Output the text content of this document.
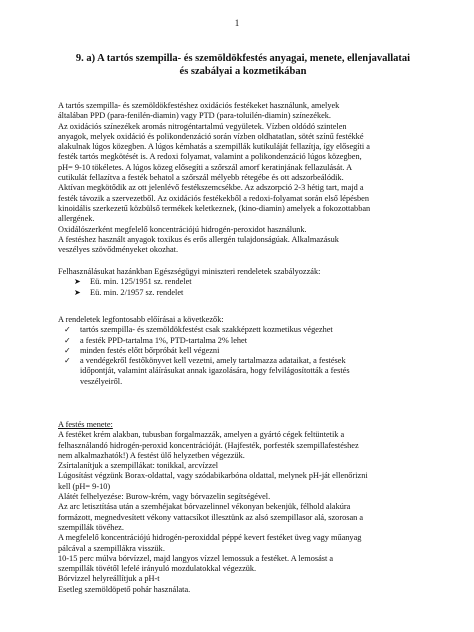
1
9. a) A tartós szempilla- és szemöldökfestés anyagai, menete, ellenjavallatai
és szabályai a kozmetikában
A tartós szempilla- és szemöldökfestéshez oxidációs festékeket használunk, amelyek
általában PPD (para-fenilén-diamin) vagy PTD (para-toluilén-diamin) színezékek.
Az oxidációs színezékek aromás nitrogéntartalmú vegyületek. Vízben oldódó szintelen
anyagok, melyek oxidáció és polikondenzáció során vízben oldhatatlan, sötét színű festékké
alakulnak lúgos közegben. A lúgos kémhatás a szempillák kutikuláját fellazítja, így elősegíti a
festék tartós megkötését is. A redoxi folyamat, valamint a polikondenzáció lúgos közegben,
pH= 9-10 tökéletes. A lúgos közeg elősegíti a szőrszál amorf keratinjának fellazulását. A
cutikulát fellazítva a festék behatol a szőrszál mélyebb rétegébe és ott adszorbeálódik.
Aktívan megkötődik az ott jelenlévő festékszemcsékbe. Az adszorpció 2-3 hétig tart, majd a
festék távozik a szervezetből. Az oxidációs festékekből a redoxi-folyamat során első lépésben
kinoidális szerkezetű közbülső termékek keletkeznek, (kino-diamin) amelyek a fokozottabban
allergének.
Oxidálószerként megfelelő koncentrációjú hidrogén-peroxidot használunk.
A festéshez használt anyagok toxikus és erős allergén tulajdonságúak. Alkalmazásuk
veszélyes szövődményeket okozhat.
Felhasználásukat hazánkban Egészségügyi miniszteri rendeletek szabályozzák:
➤	Eü. min. 125/1951 sz. rendelet
➤	Eü. min. 2/1957 sz. rendelet
A rendeletek legfontosabb előírásai a következők:
✓	tartós szempilla- és szemöldökfestést csak szakképzett kozmetikus végezhet
✓	a festék PPD-tartalma 1%, PTD-tartalma 2% lehet
✓	minden festés előtt bőrpróbát kell végezni
✓	a vendégekről festőkönyvet kell vezetni, amely tartalmazza adataikat, a festések
időpontját, valamint aláírásukat annak igazolására, hogy felvilágosították a festés
veszélyeiről.
A festés menete:
A festéket krém alakban, tubusban forgalmazzák, amelyen a gyártó cégek feltüntetik a
felhasználandó hidrogén-peroxid koncentrációját. (Hajfesték, porfesték szempillafestéshez
nem alkalmazhatók!) A festést ülő helyzetben végezzük.
Zsírtalanítjuk a szempillákat: tonikkal, arcvízzel
Lúgosítást végzünk Borax-oldattal, vagy szódabikarbóna oldattal, melynek pH-ját ellenőrizni
kell (pH= 9-10)
Alátét felhelyezése: Burow-krém, vagy bórvazelin segítségével.
Az arc letisztítása után a szemhéjakat bórvazelinnel vékonyan bekenjük, félhold alakúra
formázott, megnedvesített vékony vattacsíkot illesztünk az alsó szempillasor alá, szorosan a
szempillák tövéhez.
A megfelelő koncentrációjú hidrogén-peroxiddal péppé kevert festéket üveg vagy műanyag
pálcával a szempillákra visszük.
10-15 perc múlva bórvízzel, majd langyos vízzel lemossuk a festéket. A lemosást a
szempillák tövétől lefelé irányuló mozdulatokkal végezzük.
Bórvizzel helyreállítjuk a pH-t
Esetleg szemöldöpető pohár használata.
